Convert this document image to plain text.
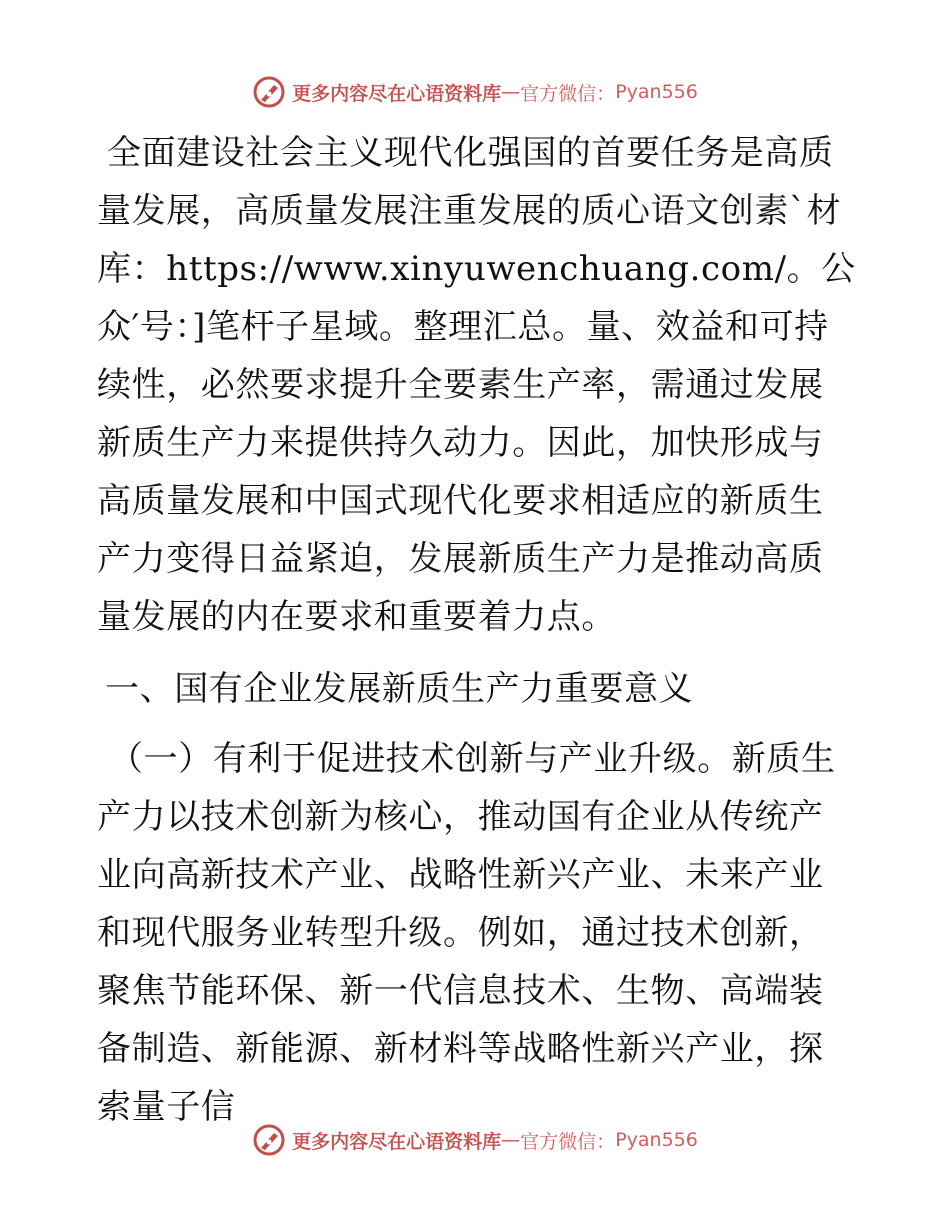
更多内容尽在心语资料库 — 官方微信 ： Pyan556

全面建设社会主义现代化强国的首要任务是高质量发展，高质量发展注重发展的质心语文创素`材库：https://www.xinyuwenchuang.com/。公众′号：]笔杆子星域。整理汇总。量、效益和可持续性，必然要求提升全要素生产率，需通过发展新质生产力来提供持久动力。因此，加快形成与高质量发展和中国式现代化要求相适应的新质生产力变得日益紧迫，发展新质生产力是推动高质量发展的内在要求和重要着力点。

一、国有企业发展新质生产力重要意义

（一）有利于促进技术创新与产业升级。新质生产力以技术创新为核心，推动国有企业从传统产业向高新技术产业、战略性新兴产业、未来产业和现代服务业转型升级。例如，通过技术创新，聚焦节能环保、新一代信息技术、生物、高端装备制造、新能源、新材料等战略性新兴产业，探索量子信

更多内容尽在心语资料库 — 官方微信 ： Pyan556
